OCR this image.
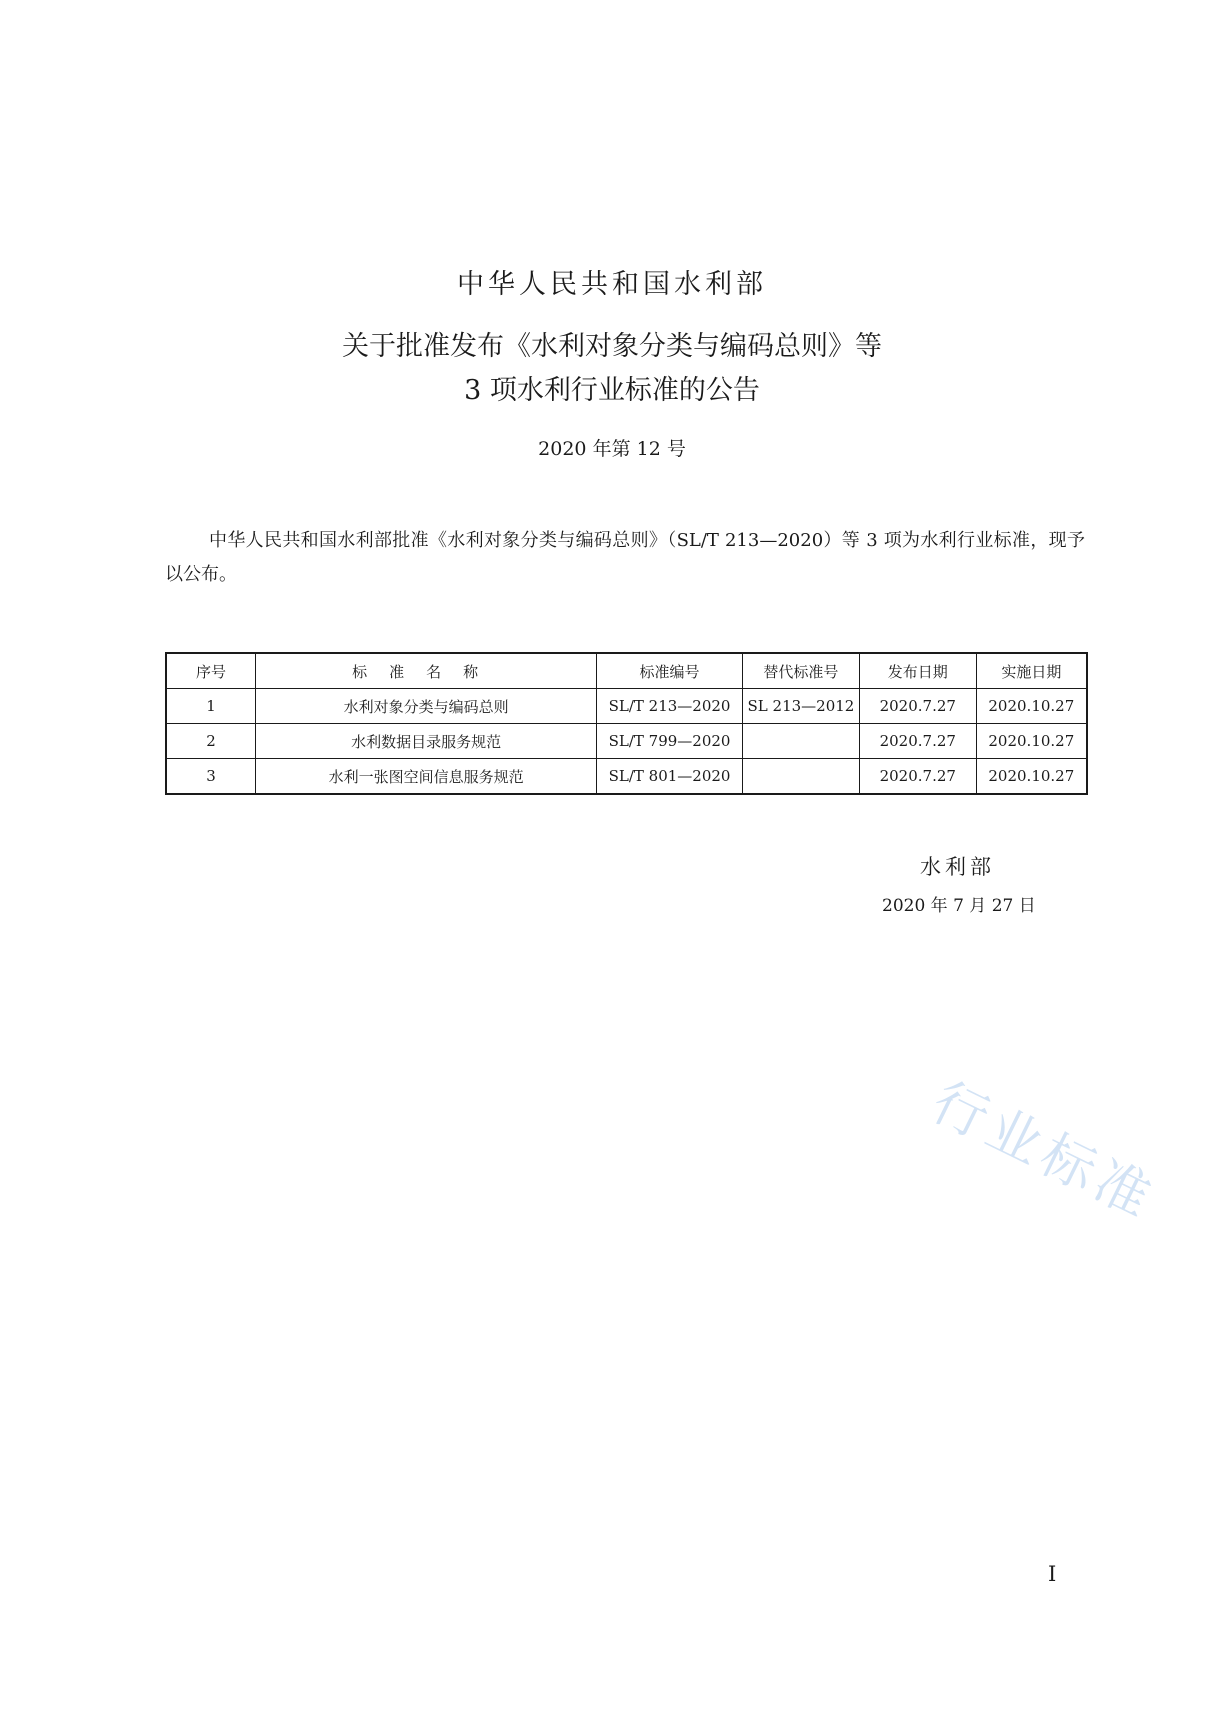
中华人民共和国水利部
关于批准发布《水利对象分类与编码总则》等
3 项水利行业标准的公告
2020 年第 12 号
中华人民共和国水利部批准《水利对象分类与编码总则》（SL/T 213—2020）等 3 项为水利行业标准，现予以公布。
序号	标准名称	标准编号	替代标准号	发布日期	实施日期
1	水利对象分类与编码总则	SL/T 213—2020	SL 213—2012	2020.7.27	2020.10.27
2	水利数据目录服务规范	SL/T 799—2020		2020.7.27	2020.10.27
3	水利一张图空间信息服务规范	SL/T 801—2020		2020.7.27	2020.10.27
水利部
2020 年 7 月 27 日
行业标准
Ⅰ
